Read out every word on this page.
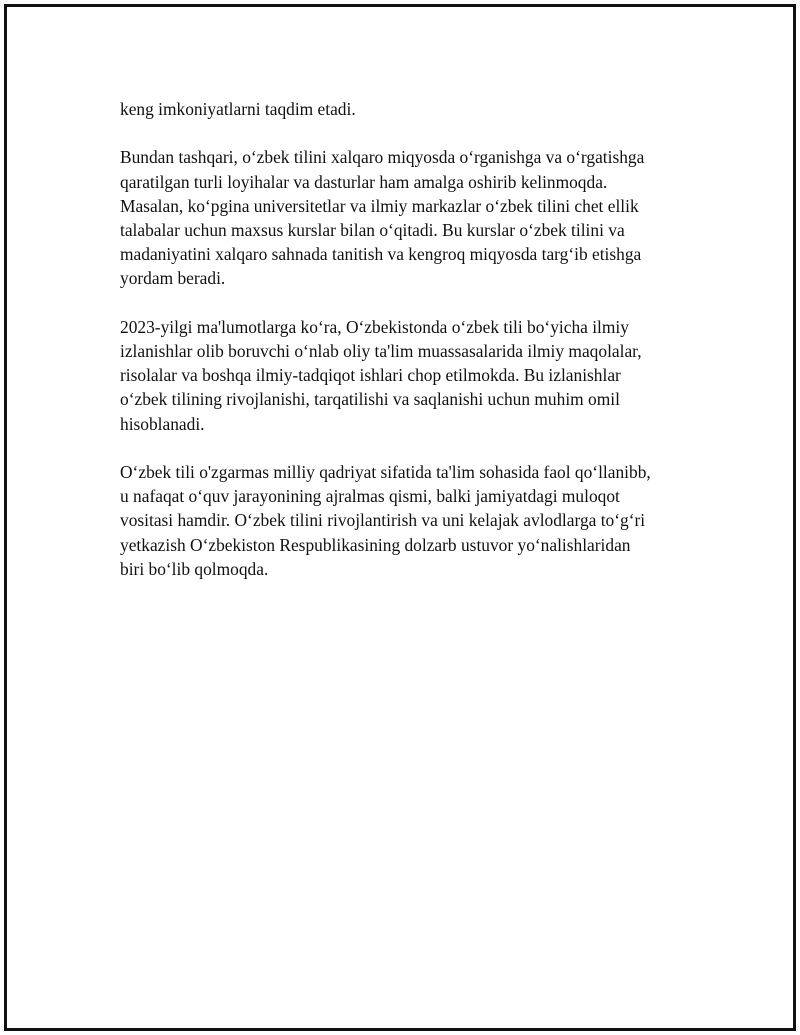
keng imkoniyatlarni taqdim etadi.

Bundan tashqari, oʻzbek tilini xalqaro miqyosda oʻrganishga va oʻrgatishga
qaratilgan turli loyihalar va dasturlar ham amalga oshirib kelinmoqda.
Masalan, koʻpgina universitetlar va ilmiy markazlar oʻzbek tilini chet ellik
talabalar uchun maxsus kurslar bilan oʻqitadi. Bu kurslar oʻzbek tilini va
madaniyatini xalqaro sahnada tanitish va kengroq miqyosda targʻib etishga
yordam beradi.

2023-yilgi ma'lumotlarga koʻra, Oʻzbekistonda oʻzbek tili boʻyicha ilmiy
izlanishlar olib boruvchi oʻnlab oliy ta'lim muassasalarida ilmiy maqolalar,
risolalar va boshqa ilmiy-tadqiqot ishlari chop etilmokda. Bu izlanishlar
oʻzbek tilining rivojlanishi, tarqatilishi va saqlanishi uchun muhim omil
hisoblanadi.

Oʻzbek tili o'zgarmas milliy qadriyat sifatida ta'lim sohasida faol qoʻllanibb,
u nafaqat oʻquv jarayonining ajralmas qismi, balki jamiyatdagi muloqot
vositasi hamdir. Oʻzbek tilini rivojlantirish va uni kelajak avlodlarga toʻgʻri
yetkazish Oʻzbekiston Respublikasining dolzarb ustuvor yoʻnalishlaridan
biri boʻlib qolmoqda.
